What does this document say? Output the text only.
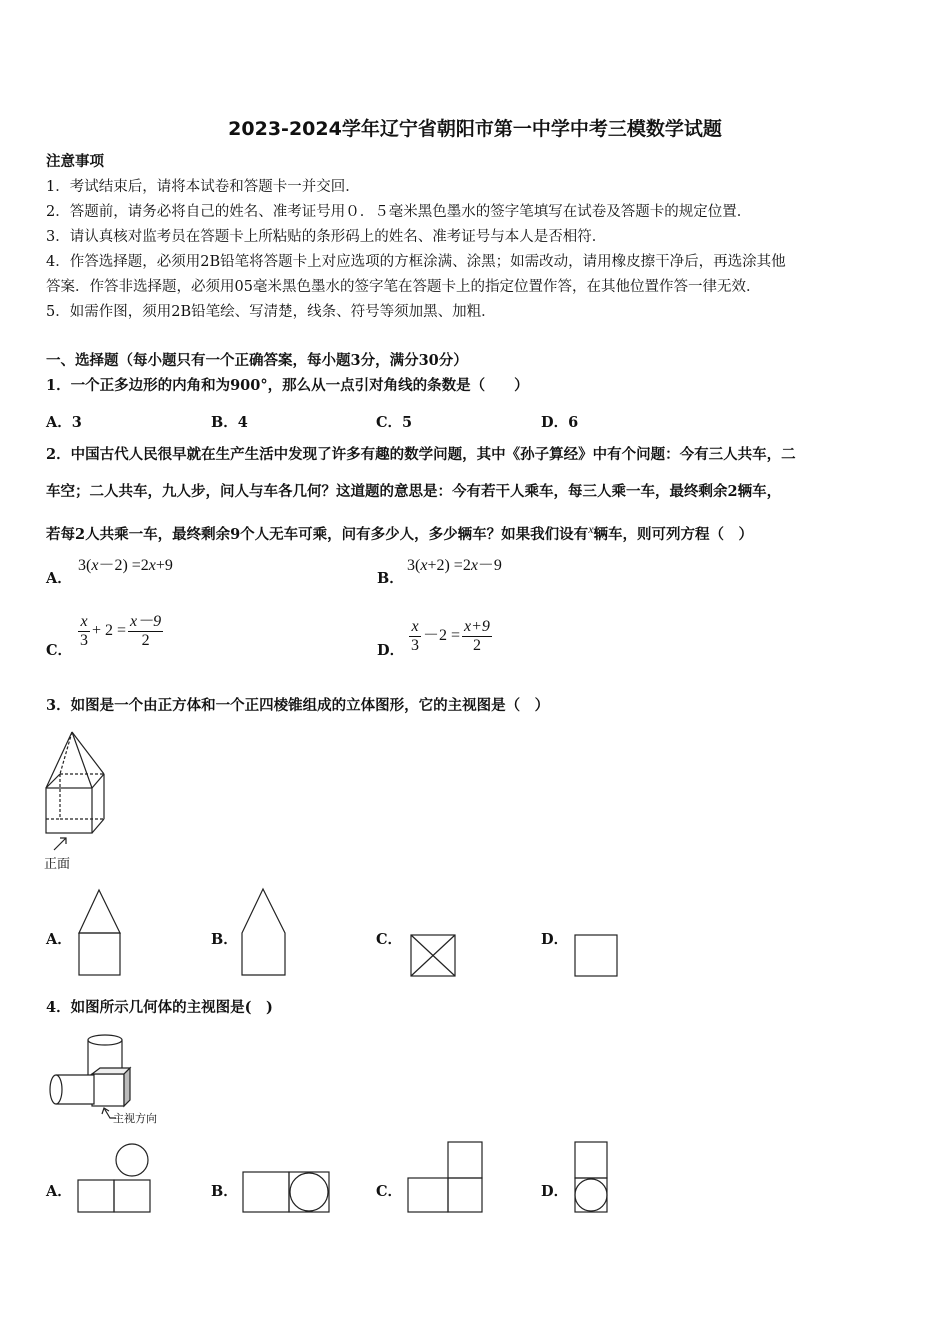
2023-2024学年辽宁省朝阳市第一中学中考三模数学试题
注意事项
1．考试结束后，请将本试卷和答题卡一并交回．
2．答题前，请务必将自己的姓名、准考证号用０．５毫米黑色墨水的签字笔填写在试卷及答题卡的规定位置．
3．请认真核对监考员在答题卡上所粘贴的条形码上的姓名、准考证号与本人是否相符．
4．作答选择题，必须用2B铅笔将答题卡上对应选项的方框涂满、涂黑；如需改动，请用橡皮擦干净后，再选涂其他
答案．作答非选择题，必须用05毫米黑色墨水的签字笔在答题卡上的指定位置作答，在其他位置作答一律无效．
5．如需作图，须用2B铅笔绘、写清楚，线条、符号等须加黑、加粗．
一、选择题（每小题只有一个正确答案，每小题3分，满分30分）
1．一个正多边形的内角和为900°，那么从一点引对角线的条数是（　　）
A．3	B．4	C．5	D．6
2．中国古代人民很早就在生产生活中发现了许多有趣的数学问题，其中《孙子算经》中有个问题：今有三人共车，二
车空；二人共车，九人步，问人与车各几何？这道题的意思是：今有若干人乘车，每三人乘一车，最终剩余2辆车，
若每2人共乘一车，最终剩余9个人无车可乘，问有多少人，多少辆车？如果我们设有$^x$辆车，则可列方程（　）
A．
3(x－2) =2x+9
B．
3(x+2) =2x－9
C．
$\frac{x}{3} + 2 = \frac{x-9}{2}$
D． $\frac{x}{3} -2 = \frac{x+9}{2}$
3．如图是一个由正方体和一个正四棱锥组成的立体图形，它的主视图是（　）
正面
A．	B．	C．	D．
4．如图所示几何体的主视图是(　)
主视方向
A．	B．	C．	D．
